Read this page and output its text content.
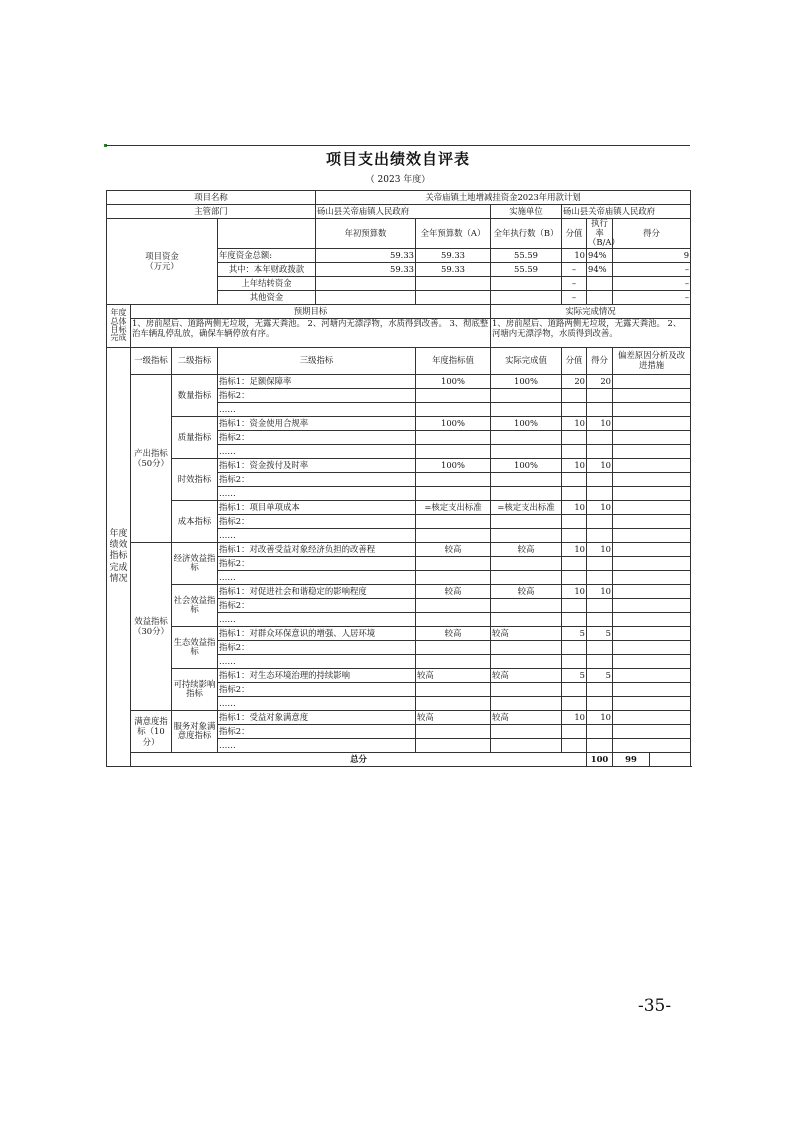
项目支出绩效自评表
（ 2023 年度）
项目名称				关帝庙镇土地增减挂资金2023年用款计划						
主管部门				砀山县关帝庙镇人民政府		实施单位	砀山县关帝庙镇人民政府			
项目资金
（万元）				年初预算数	全年预算数（A）	全年执行数（B）	分值	执行率（B/A）	得分	
			年度资金总额:	59.33	59.33	55.59	10	94%	9	
			其中：本年财政拨款	59.33	59.33	55.59	–	94%	–	
			上年结转资金				–		–	
			其他资金				–		–	
年度总体目标完成	预期目标					实际完成情况				
	1、房前屋后、道路两侧无垃圾，无露天粪池。 2、河塘内无漂浮物，水质得到改善。 3、彻底整治车辆乱停乱放，确保车辆停放有序。					1、房前屋后、道路两侧无垃圾，无露天粪池。 2、河塘内无漂浮物，水质得到改善。				
年度绩效指标完成情况	一级指标	二级指标	三级指标		年度指标值	实际完成值	分值	得分	偏差原因分析及改进措施	
	产出指标（50分）	数量指标	指标1：足额保障率		100%	100%	20	20		
			指标2：							
			……							
		质量指标	指标1：资金使用合规率		100%	100%	10	10		
			指标2：							
			……							
		时效指标	指标1：资金拨付及时率		100%	100%	10	10		
			指标2：							
			……							
		成本指标	指标1：项目单项成本		=核定支出标准	=核定支出标准	10	10		
			指标2：							
			……							
	效益指标（30分）	经济效益指标	指标1：对改善受益对象经济负担的改善程		较高	较高	10	10		
			指标2：							
			……							
		社会效益指标	指标1：对促进社会和谐稳定的影响程度		较高	较高	10	10		
			指标2：							
			……							
		生态效益指标	指标1：对群众环保意识的增强、人居环境		较高	较高	5	5		
			指标2：							
			……							
		可持续影响指标	指标1：对生态环境治理的持续影响		较高	较高	5	5		
			指标2：							
			……							
	满意度指标（10分）	服务对象满意度指标	指标1：受益对象满意度		较高	较高	10	10		
			指标2：							
			……							
	总分							100	99	
-35-
